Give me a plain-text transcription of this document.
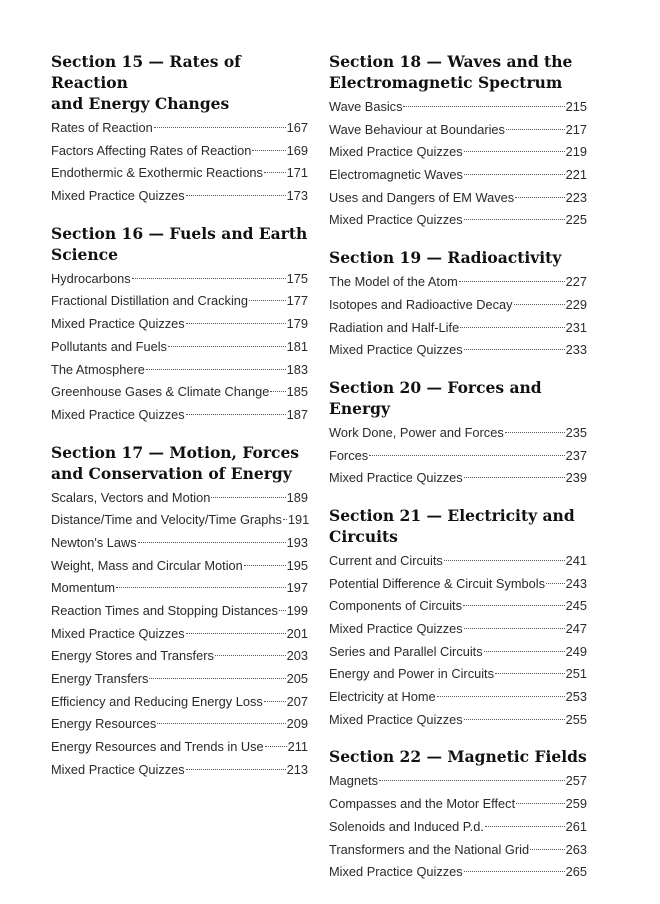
Section 15 — Rates of Reaction
and Energy Changes
Rates of Reaction	167
Factors Affecting Rates of Reaction	169
Endothermic & Exothermic Reactions 171
Mixed Practice Quizzes	173
Section 16 — Fuels and Earth
Science
Hydrocarbons	175
Fractional Distillation and Cracking	177
Mixed Practice Quizzes	179
Pollutants and Fuels	181
The Atmosphere	183
Greenhouse Gases & Climate Change 185
Mixed Practice Quizzes	187
Section 17 — Motion, Forces
and Conservation of Energy
Scalars, Vectors and Motion	189
Distance/Time and Velocity/Time Graphs 191
Newton's Laws	193
Weight, Mass and Circular Motion	195
Momentum	197
Reaction Times and Stopping Distances 199
Mixed Practice Quizzes	201
Energy Stores and Transfers	203
Energy Transfers	205
Efficiency and Reducing Energy Loss 207
Energy Resources	209
Energy Resources and Trends in Use 211
Mixed Practice Quizzes	213
Section 18 — Waves and the
Electromagnetic Spectrum
Wave Basics	215
Wave Behaviour at Boundaries	217
Mixed Practice Quizzes	219
Electromagnetic Waves	221
Uses and Dangers of EM Waves	223
Mixed Practice Quizzes	225
Section 19 — Radioactivity
The Model of the Atom	227
Isotopes and Radioactive Decay	229
Radiation and Half-Life	231
Mixed Practice Quizzes	233
Section 20 — Forces and Energy
Work Done, Power and Forces	235
Forces	237
Mixed Practice Quizzes	239
Section 21 — Electricity and
Circuits
Current and Circuits	241
Potential Difference & Circuit Symbols 243
Components of Circuits	245
Mixed Practice Quizzes	247
Series and Parallel Circuits	249
Energy and Power in Circuits	251
Electricity at Home	253
Mixed Practice Quizzes	255
Section 22 — Magnetic Fields
Magnets	257
Compasses and the Motor Effect	259
Solenoids and Induced P.d.	261
Transformers and the National Grid	263
Mixed Practice Quizzes	265
